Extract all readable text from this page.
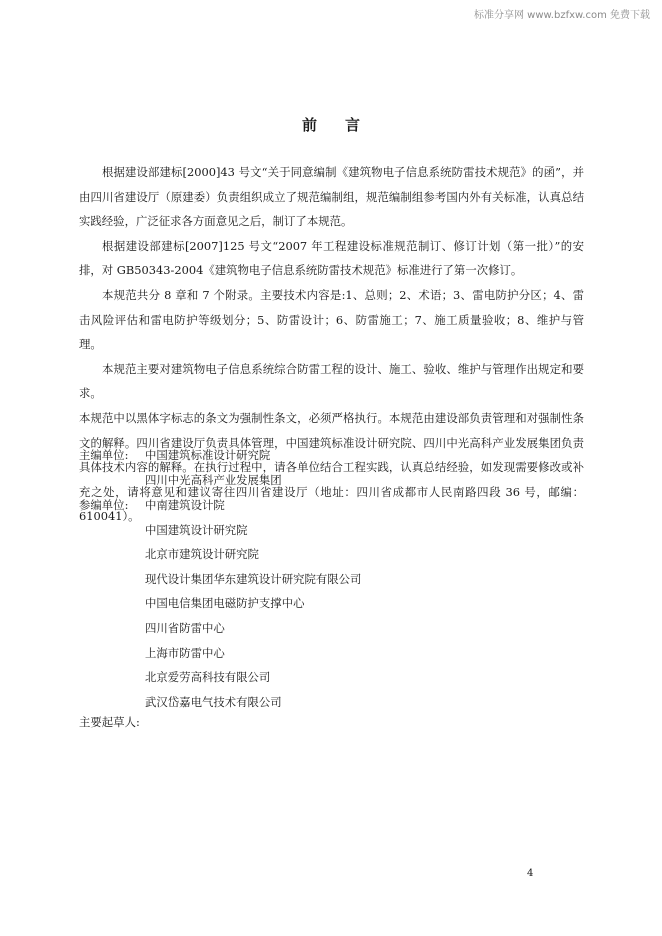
标准分享网 www.bzfxw.com 免费下载
前言

根据建设部建标[2000]43 号文“关于同意编制《建筑物电子信息系统防雷技术规范》的函”，并由四川省建设厅（原建委）负责组织成立了规范编制组，规范编制组参考国内外有关标准，认真总结实践经验，广泛征求各方面意见之后，制订了本规范。

根据建设部建标[2007]125 号文“2007 年工程建设标准规范制订、修订计划（第一批）”的安排，对 GB50343-2004《建筑物电子信息系统防雷技术规范》标准进行了第一次修订。

本规范共分 8 章和 7 个附录。主要技术内容是:1、总则；2、术语；3、雷电防护分区；4、雷击风险评估和雷电防护等级划分；5、防雷设计；6、防雷施工；7、施工质量验收；8、维护与管理。

本规范主要对建筑物电子信息系统综合防雷工程的设计、施工、验收、维护与管理作出规定和要求。

本规范中以黑体字标志的条文为强制性条文，必须严格执行。本规范由建设部负责管理和对强制性条文的解释。四川省建设厅负责具体管理，中国建筑标准设计研究院、四川中光高科产业发展集团负责具体技术内容的解释。在执行过程中，请各单位结合工程实践，认真总结经验，如发现需要修改或补充之处，请将意见和建议寄往四川省建设厅（地址：四川省成都市人民南路四段 36 号，邮编：610041）。

主编单位:	中国建筑标准设计研究院
四川中光高科产业发展集团
参编单位:	中南建筑设计院
中国建筑设计研究院
北京市建筑设计研究院
现代设计集团华东建筑设计研究院有限公司
中国电信集团电磁防护支撑中心
四川省防雷中心
上海市防雷中心
北京爱劳高科技有限公司
武汉岱嘉电气技术有限公司
主要起草人:
4
